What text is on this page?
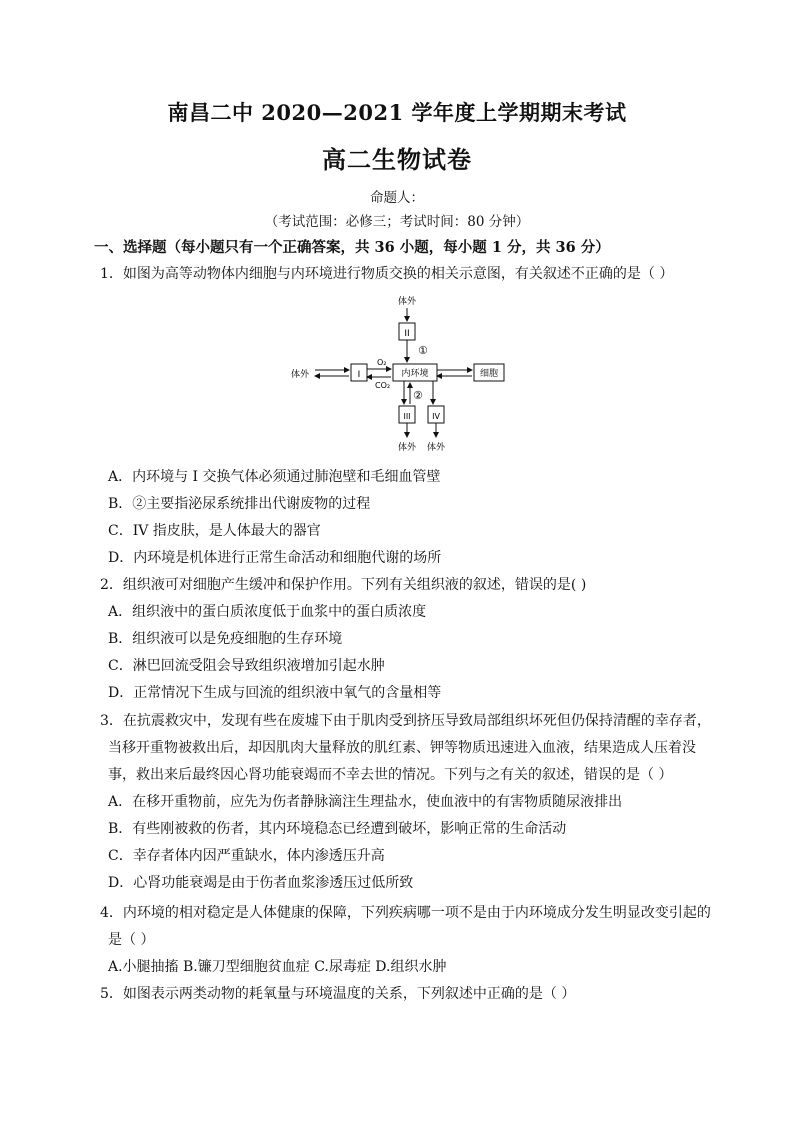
南昌二中 2020—2021 学年度上学期期末考试
高二生物试卷
命题人：
（考试范围：必修三；考试时间：80 分钟）
一、选择题（每小题只有一个正确答案，共 36 小题，每小题 1 分，共 36 分）
1．如图为高等动物体内细胞与内环境进行物质交换的相关示意图，有关叙述不正确的是（ ）
体外
II
①
内环境
体外	I
O₂
CO₂
细胞
②
III
体外
IV
体外
A．内环境与 I 交换气体必须通过肺泡壁和毛细血管壁
B．②主要指泌尿系统排出代谢废物的过程
C．IV 指皮肤，是人体最大的器官
D．内环境是机体进行正常生命活动和细胞代谢的场所
2．组织液可对细胞产生缓冲和保护作用。下列有关组织液的叙述，错误的是( )
A．组织液中的蛋白质浓度低于血浆中的蛋白质浓度
B．组织液可以是免疫细胞的生存环境
C．淋巴回流受阻会导致组织液增加引起水肿
D．正常情况下生成与回流的组织液中氧气的含量相等
3．在抗震救灾中，发现有些在废墟下由于肌肉受到挤压导致局部组织坏死但仍保持清醒的幸存者，
当移开重物被救出后，却因肌肉大量释放的肌红素、钾等物质迅速进入血液，结果造成人压着没
事，救出来后最终因心肾功能衰竭而不幸去世的情况。下列与之有关的叙述，错误的是（ ）
A．在移开重物前，应先为伤者静脉滴注生理盐水，使血液中的有害物质随尿液排出
B．有些刚被救的伤者，其内环境稳态已经遭到破坏，影响正常的生命活动
C．幸存者体内因严重缺水，体内渗透压升高
D．心肾功能衰竭是由于伤者血浆渗透压过低所致
4．内环境的相对稳定是人体健康的保障，下列疾病哪一项不是由于内环境成分发生明显改变引起的
是（ ）
A.小腿抽搐 B.镰刀型细胞贫血症 C.尿毒症 D.组织水肿
5．如图表示两类动物的耗氧量与环境温度的关系，下列叙述中正确的是（ ）
